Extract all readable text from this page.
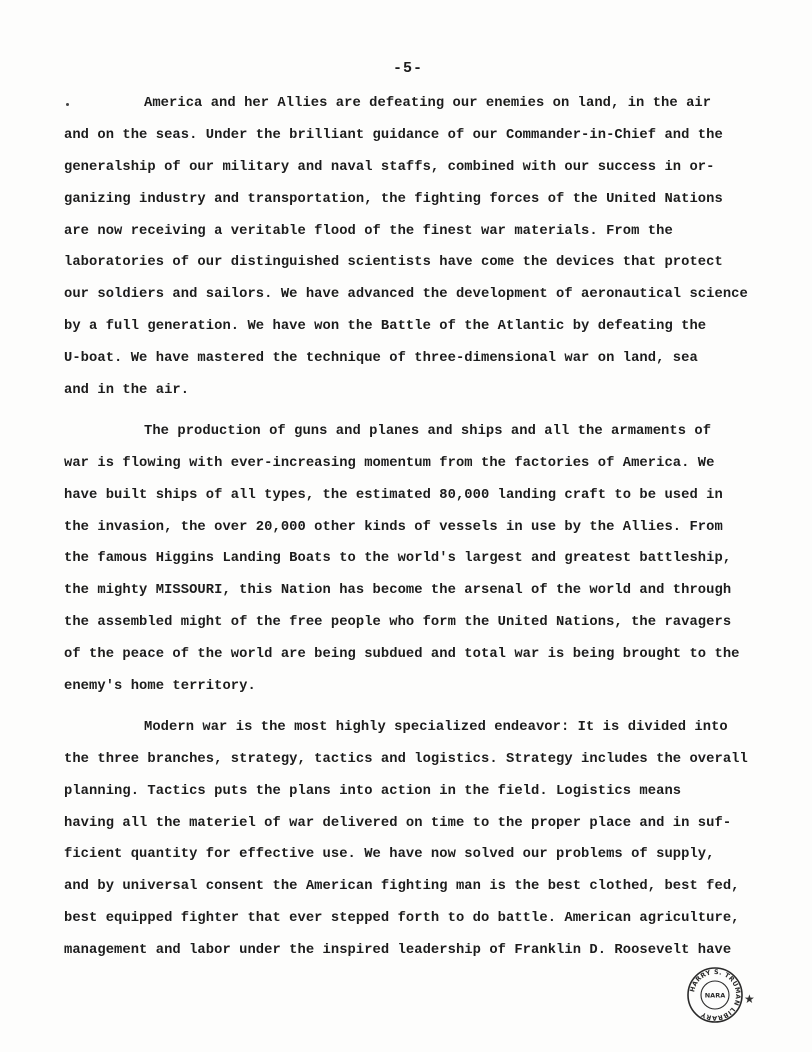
-5-
America and her Allies are defeating our enemies on land, in the air
and on the seas. Under the brilliant guidance of our Commander-in-Chief and the
generalship of our military and naval staffs, combined with our success in or-
ganizing industry and transportation, the fighting forces of the United Nations
are now receiving a veritable flood of the finest war materials. From the
laboratories of our distinguished scientists have come the devices that protect
our soldiers and sailors. We have advanced the development of aeronautical science
by a full generation. We have won the Battle of the Atlantic by defeating the
U-boat. We have mastered the technique of three-dimensional war on land, sea
and in the air.
The production of guns and planes and ships and all the armaments of
war is flowing with ever-increasing momentum from the factories of America. We
have built ships of all types, the estimated 80,000 landing craft to be used in
the invasion, the over 20,000 other kinds of vessels in use by the Allies. From
the famous Higgins Landing Boats to the world's largest and greatest battleship,
the mighty MISSOURI, this Nation has become the arsenal of the world and through
the assembled might of the free people who form the United Nations, the ravagers
of the peace of the world are being subdued and total war is being brought to the
enemy's home territory.
Modern war is the most highly specialized endeavor: It is divided into
the three branches, strategy, tactics and logistics. Strategy includes the overall
planning. Tactics puts the plans into action in the field. Logistics means
having all the materiel of war delivered on time to the proper place and in suf-
ficient quantity for effective use. We have now solved our problems of supply,
and by universal consent the American fighting man is the best clothed, best fed,
best equipped fighter that ever stepped forth to do battle. American agriculture,
management and labor under the inspired leadership of Franklin D. Roosevelt have
HARRY S. TRUMAN LIBRARY
NARA ★
